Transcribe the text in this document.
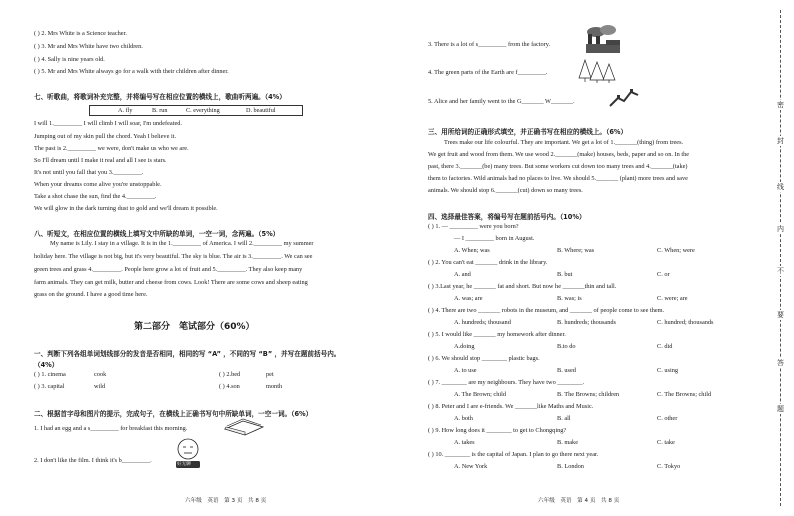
( ) 2. Mrs White is a Science teacher.
( ) 3. Mr and Mrs White have two children.
( ) 4. Sally is nine years old.
( ) 5. Mr and Mrs White always go for a walk with their children after dinner.
七、听歌曲，将歌词补充完整，并将编号写在相应位置的横线上，歌曲听两遍。（4%）
A. fly	B. run	C. everything	D. beautiful
I will 1._________ I will climb I will soar, I'm undefeated.
Jumping out of my skin pull the chord. Yeah I believe it.
The past is 2._________ we were, don't make us who we are.
So I'll dream until I make it real and all I see is stars.
It's not until you fall that you 3._________.
When your dreams come alive you're unstoppable.
Take a shot chase the sun, find the 4._________.
We will glow in the dark turning dust to gold and we'll dream it possible.
八、听短文，在相应位置的横线上填写文中所缺的单词，一空一词，念两遍。（5%）
My name is Lily. I stay in a village. It is in the 1._________ of America. I will 2._________ my summer
holiday here. The village is not big, but it's very beautiful. The sky is blue. The air is 3._________. We can see
green trees and grass 4._________. People here grow a lot of fruit and 5._________. They also keep many
farm animals. They can get milk, butter and cheese from cows. Look! There are some cows and sheep eating
grass on the ground. I have a good time here.
第二部分　笔试部分（60%）
一、判断下列各组单词划线部分的发音是否相同，相同的写 “A” ，不同的写 “B” ，并写在题前括号内。
（4%）
( ) 1. cinema	cook	( ) 2.bed	pet
( ) 3. capital	wild	( ) 4.son	month
二、根据首字母和图片的提示，完成句子，在横线上正确书写句中所缺单词，一空一词。（6%）
1. I had an egg and a s_________ for breakfast this morning.
2. I don't like the film. I think it's b_________.
好无聊
六年级　英语　第 3 页　共 8 页
3. There is a lot of s_________ from the factory.
4. The green parts of the Earth are f_________.
5. Alice and her family went to the G_______ W_______.
三、用所给词的正确形式填空，并正确书写在相应的横线上。（6%）
Trees make our life colourful. They are important. We get a lot of 1._______(thing) from trees.
We get fruit and wood from them. We use wood 2._______(make) houses, beds, paper and so on. In the
past, there 3._______(be) many trees. But some workers cut down too many trees and 4._______(take)
them to factories. Wild animals had no places to live. We should 5._______ (plant) more trees and save
animals. We should stop 6._______(cut) down so many trees.
四、选择最佳答案，将编号写在题前括号内。（10%）
( ) 1. — _________ were you born?
— I _________ born in August.
A. When; was	B. Where; was	C. When; were
( ) 2. You can't eat _______ drink in the library.
A. and	B. but	C. or
( ) 3.Last year, he _______ fat and short. But now he _______thin and tall.
A. was; are	B. was; is	C. were; are
( ) 4. There are two _______ robots in the museum, and _______ of people come to see them.
A. hundreds; thousand	B. hundreds; thousands	C. hundred; thousands
( ) 5. I would like _______ my homework after dinner.
A.doing	B.to do	C. did
( ) 6. We should stop ________ plastic bags.
A. to use	B. used	C. using
( ) 7. ________ are my neighbours. They have two ________.
A. The Brown; child	B. The Browns; children	C. The Browns; child
( ) 8. Peter and I are e-friends. We _______like Maths and Music.
A. both	B. all	C. other
( ) 9. How long does it ________ to get to Chongqing?
A. takes	B. make	C. take
( ) 10. ________ is the capital of Japan. I plan to go there next year.
A. New York	B. London	C. Tokyo
六年级　英语　第 4 页　共 8 页
密
封
线
内
不
要
答
题
